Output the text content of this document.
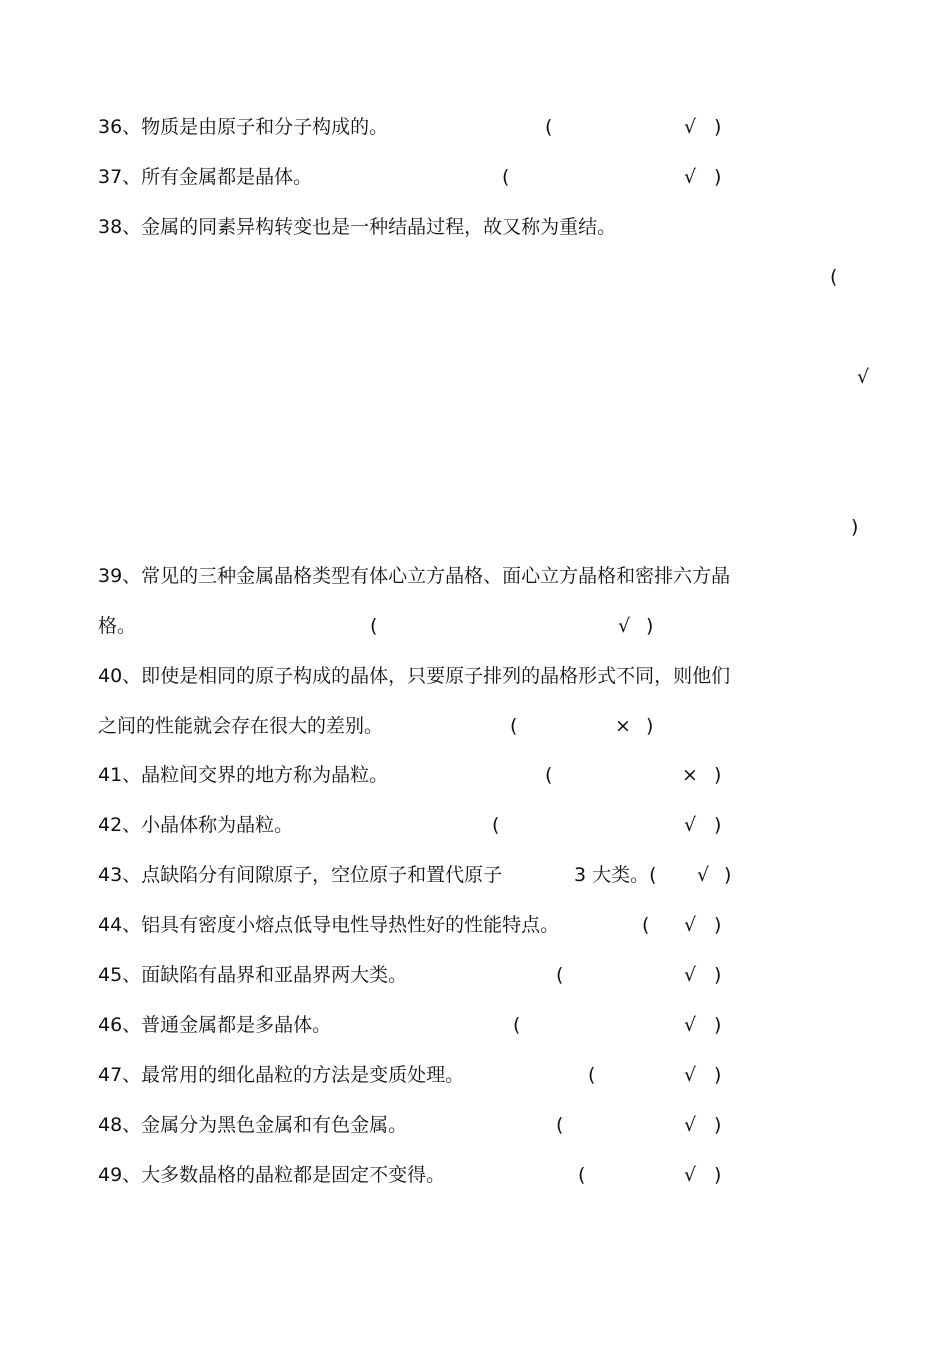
36、物质是由原子和分子构成的。	(	√ )
37、所有金属都是晶体。	(	√ )
38、金属的同素异构转变也是一种结晶过程，故又称为重结。
(
√
)
39、常见的三种金属晶格类型有体心立方晶格、面心立方晶格和密排六方晶
格。	(	√ )
40、即使是相同的原子构成的晶体，只要原子排列的晶格形式不同，则他们
之间的性能就会存在很大的差别。	(	× )
41、晶粒间交界的地方称为晶粒。	(	× )
42、小晶体称为晶粒。	(	√ )
43、点缺陷分有间隙原子，空位原子和置代原子	3 大类。( √ )
44、铝具有密度小熔点低导电性导热性好的性能特点。	( √ )
45、面缺陷有晶界和亚晶界两大类。	(	√ )
46、普通金属都是多晶体。	(	√ )
47、最常用的细化晶粒的方法是变质处理。	(	√ )
48、金属分为黑色金属和有色金属。	(	√ )
49、大多数晶格的晶粒都是固定不变得。	(	√ )
